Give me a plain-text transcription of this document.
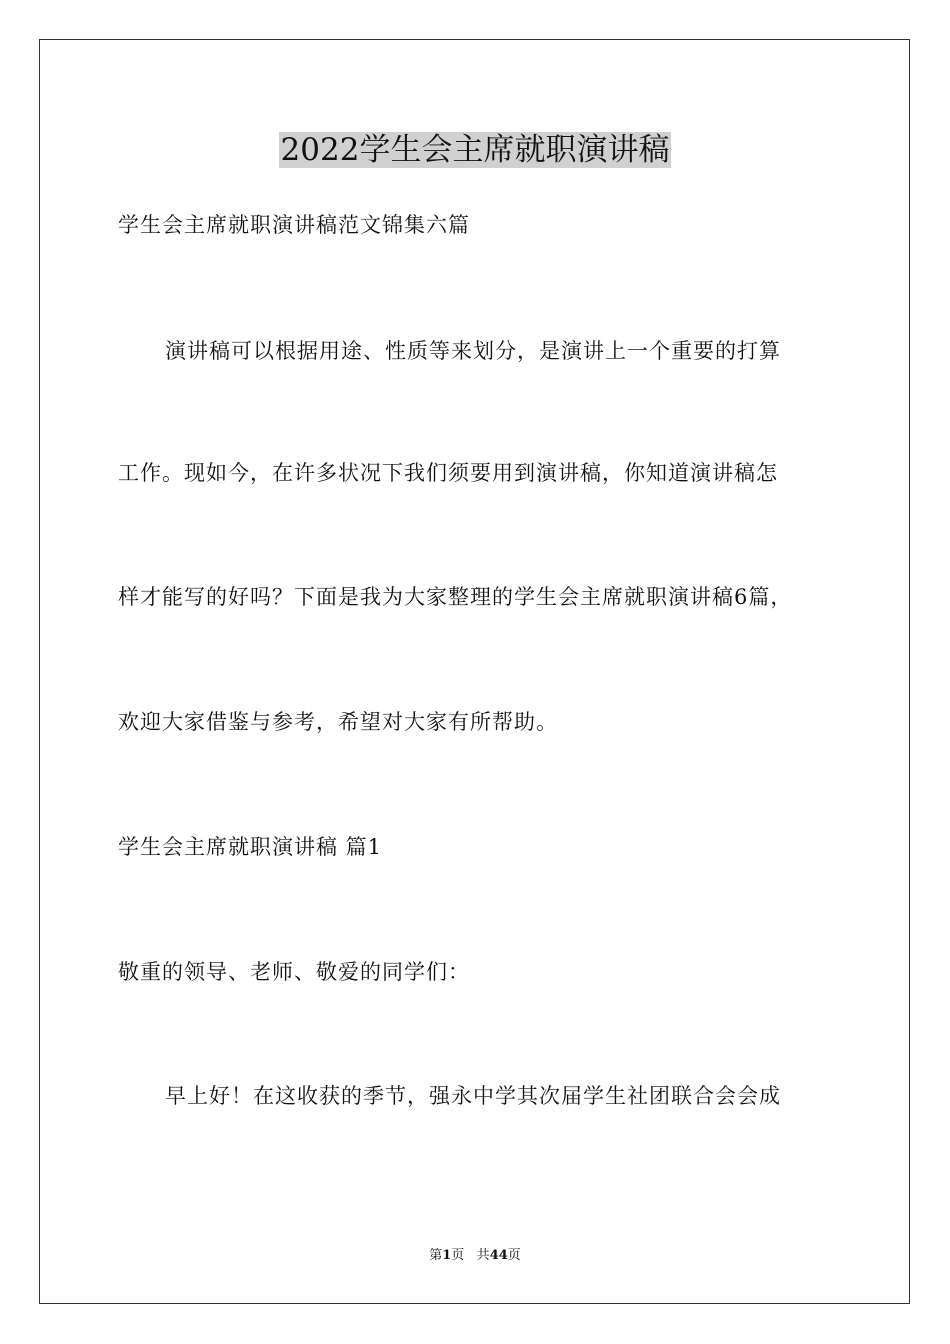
2022学生会主席就职演讲稿
学生会主席就职演讲稿范文锦集六篇
演讲稿可以根据用途、性质等来划分，是演讲上一个重要的打算
工作。现如今，在许多状况下我们须要用到演讲稿，你知道演讲稿怎
样才能写的好吗？下面是我为大家整理的学生会主席就职演讲稿6篇，
欢迎大家借鉴与参考，希望对大家有所帮助。
学生会主席就职演讲稿 篇1
敬重的领导、老师、敬爱的同学们：
早上好！在这收获的季节，强永中学其次届学生社团联合会会成
第1页 共44页
